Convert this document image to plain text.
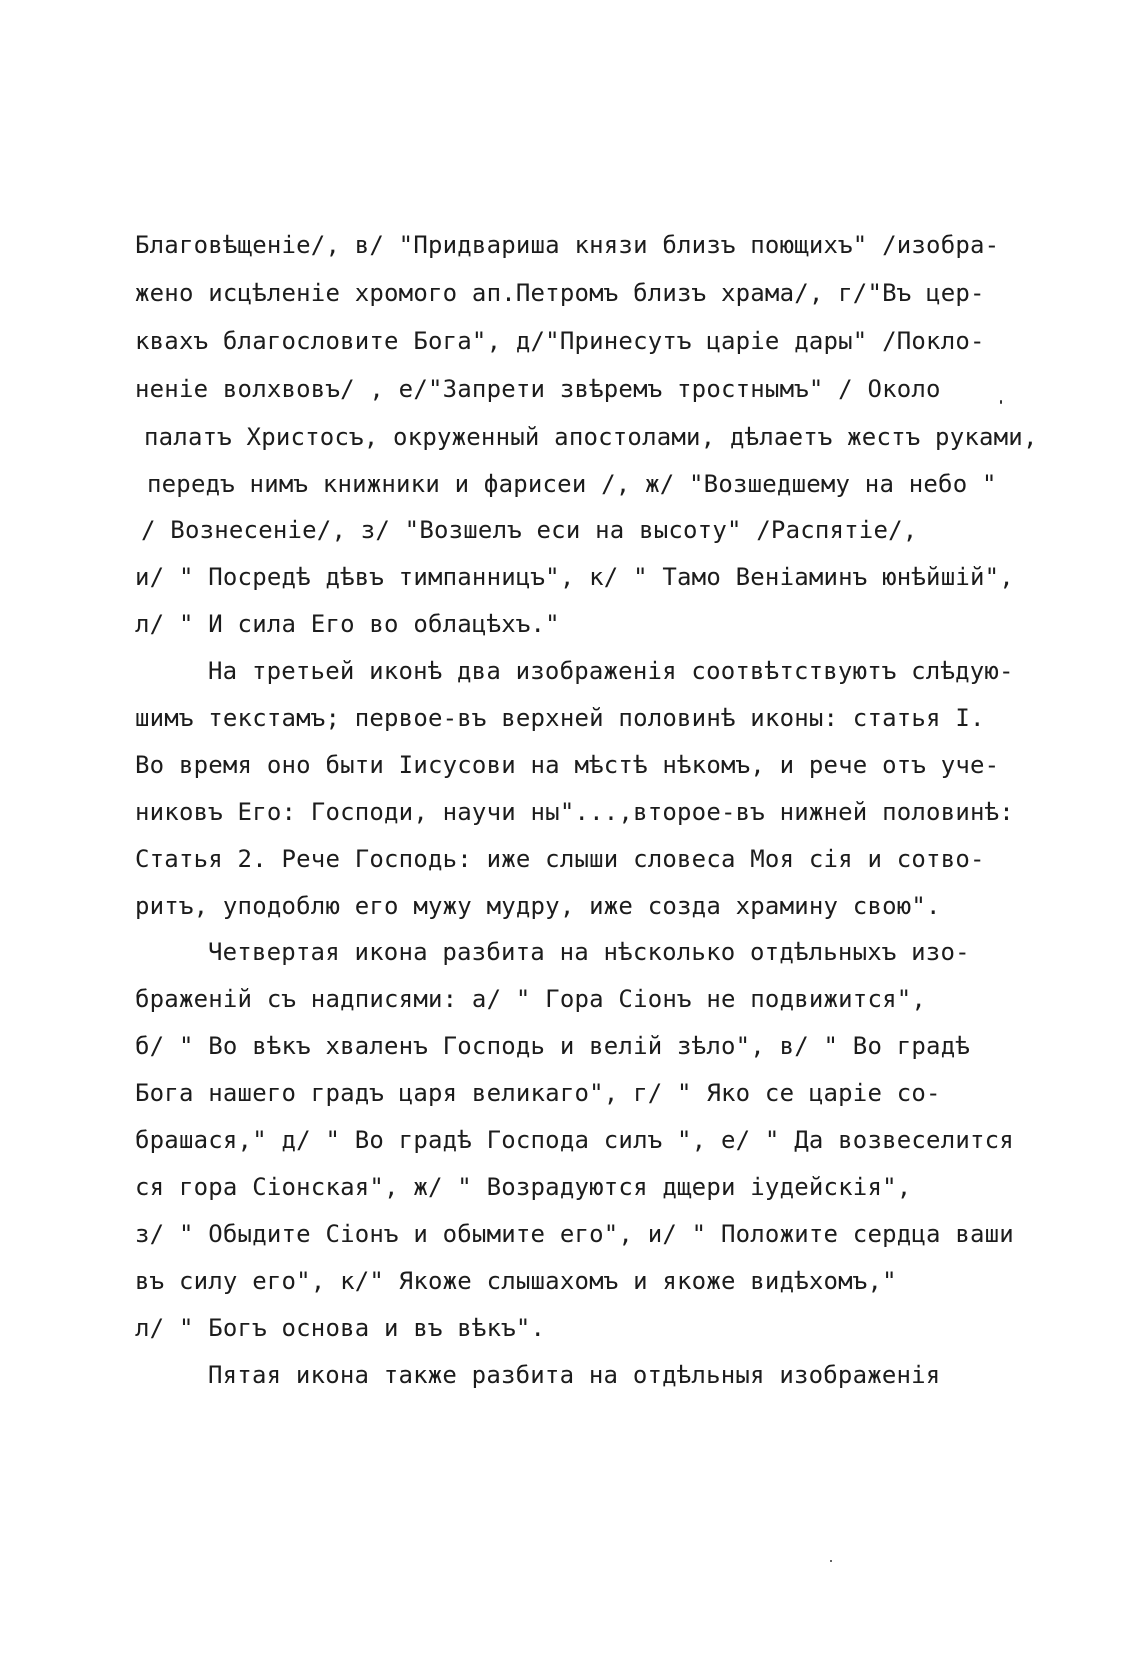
Благовѣщеніе/, в/ "Придвариша князи близъ поющихъ" /изобра-
жено исцѣленіе хромого ап.Петромъ близъ храма/, г/"Въ цер-
квахъ благословите Бога", д/"Принесутъ царіе дары" /Покло-
неніе волхвовъ/ , е/"Запрети звѣремъ тростнымъ" / Около
палатъ Христосъ, окруженный апостолами, дѣлаетъ жестъ руками,
передъ нимъ книжники и фарисеи /, ж/ "Возшедшему на небо "
/ Вознесеніе/, з/ "Возшелъ еси на высоту" /Распятіе/,
и/ " Посредѣ дѣвъ тимпанницъ", к/ " Тамо Веніаминъ юнѣйшій",
л/ " И сила Его во облацѣхъ."
На третьей иконѣ два изображенія соотвѣтствуютъ слѣдую-
шимъ текстамъ; первое-въ верхней половинѣ иконы: статья I.
Во время оно быти Іисусови на мѣстѣ нѣкомъ, и рече отъ уче-
никовъ Его: Господи, научи ны"...,второе-въ нижней половинѣ:
Статья 2. Рече Господь: иже слыши словеса Моя сія и сотво-
ритъ, уподоблю его мужу мудру, иже созда храмину свою".
Четвертая икона разбита на нѣсколько отдѣльныхъ изо-
браженій съ надписями: а/ " Гора Сіонъ не подвижится",
б/ " Во вѣкъ хваленъ Господь и велій зѣло", в/ " Во градѣ
Бога нашего градъ царя великаго", г/ " Яко се царіе со-
брашася," д/ " Во градѣ Господа силъ ", е/ " Да возвеселится
ся гора Сіонская", ж/ " Возрадуются дщери іудейскія",
з/ " Обыдите Сіонъ и обымите его", и/ " Положите сердца ваши
въ силу его", к/" Якоже слышахомъ и якоже видѣхомъ,"
л/ " Богъ основа и въ вѣкъ".
Пятая икона также разбита на отдѣльныя изображенія
